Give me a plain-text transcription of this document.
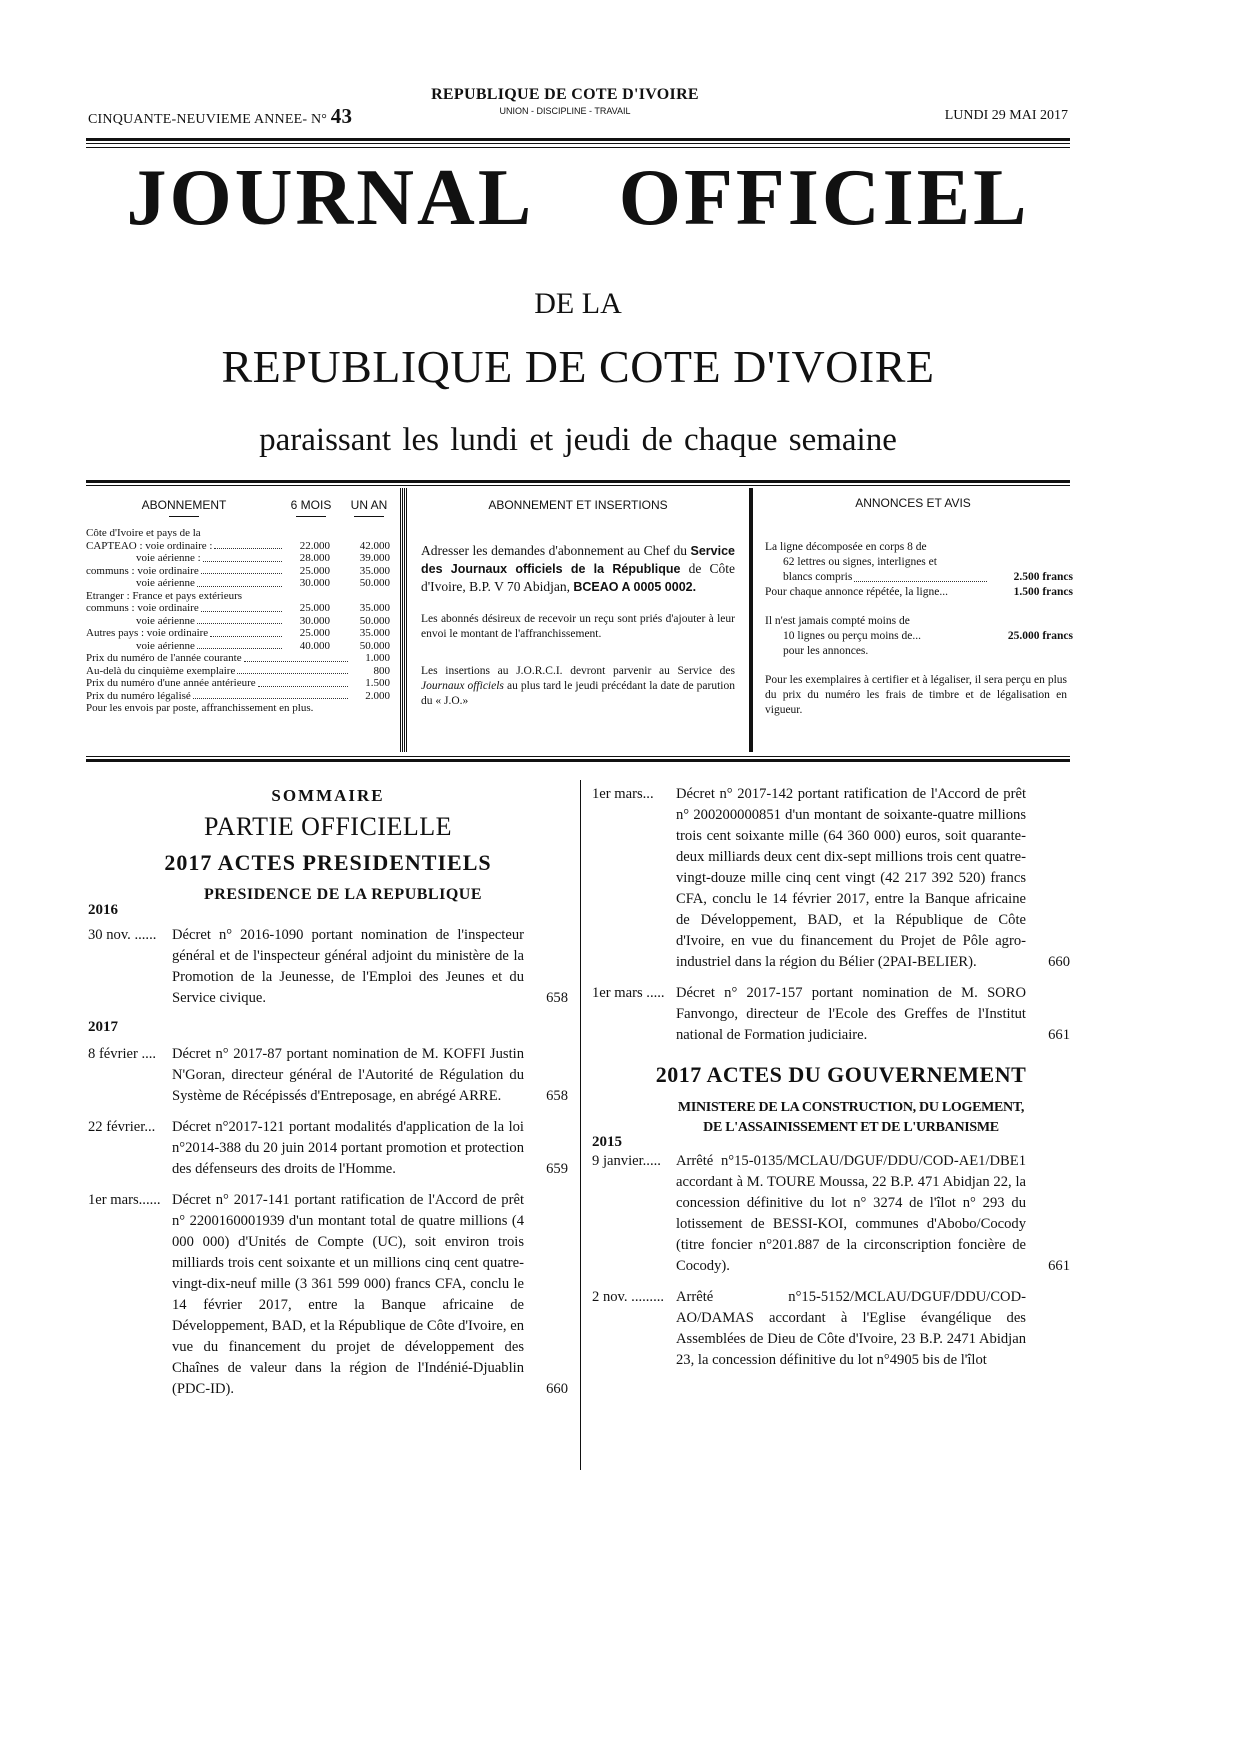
CINQUANTE-NEUVIEME ANNEE- N° 43
REPUBLIQUE DE COTE D'IVOIRE
UNION - DISCIPLINE - TRAVAIL	LUNDI 29 MAI 2017
JOURNAL OFFICIEL
DE LA
REPUBLIQUE DE COTE D'IVOIRE
paraissant les lundi et jeudi de chaque semaine
ABONNEMENT	6 MOIS	UN AN
Côte d'Ivoire et pays de la
CAPTEAO : voie ordinaire :	22.000	42.000
voie aérienne :	28.000	39.000
communs : voie ordinaire	25.000	35.000
voie aérienne	30.000	50.000
Etranger : France et pays extérieurs
communs : voie ordinaire	25.000	35.000
voie aérienne	30.000	50.000
Autres pays : voie ordinaire	25.000	35.000
voie aérienne	40.000	50.000
Prix du numéro de l'année courante	1.000
Au-delà du cinquième exemplaire	800
Prix du numéro d'une année antérieure	1.500
Prix du numéro légalisé	2.000
Pour les envois par poste, affranchissement en plus.
ABONNEMENT ET INSERTIONS
Adresser les demandes d'abonnement au Chef du Service des Journaux officiels de la République de Côte d'Ivoire, B.P. V 70 Abidjan, BCEAO A 0005 0002.
Les abonnés désireux de recevoir un reçu sont priés d'ajouter à leur envoi le montant de l'affranchissement.
Les insertions au J.O.R.C.I. devront parvenir au Service des Journaux officiels au plus tard le jeudi précédant la date de parution du « J.O.»
ANNONCES ET AVIS
La ligne décomposée en corps 8 de
62 lettres ou signes, interlignes et
blancs compris	2.500 francs
Pour chaque annonce répétée, la ligne...	1.500 francs
Il n'est jamais compté moins de
10 lignes ou perçu moins de...	25.000 francs
pour les annonces.
Pour les exemplaires à certifier et à légaliser, il sera perçu en plus du prix du numéro les frais de timbre et de légalisation en vigueur.
SOMMAIRE
PARTIE OFFICIELLE
2017 ACTES PRESIDENTIELS
PRESIDENCE DE LA REPUBLIQUE
2016
30 nov. ......	Décret n° 2016-1090 portant nomination de l'inspecteur général et de l'inspecteur général adjoint du ministère de la Promotion de la Jeunesse, de l'Emploi des Jeunes et du Service civique.	658
2017
8 février ....	Décret n° 2017-87 portant nomination de M. KOFFI Justin N'Goran, directeur général de l'Autorité de Régulation du Système de Récépissés d'Entreposage, en abrégé ARRE.	658
22 février...	Décret n°2017-121 portant modalités d'application de la loi n°2014-388 du 20 juin 2014 portant promotion et protection des défenseurs des droits de l'Homme.	659
1er mars...... Décret n° 2017-141 portant ratification de l'Accord de prêt n° 2200160001939 d'un montant total de quatre millions (4 000 000) d'Unités de Compte (UC), soit environ trois milliards trois cent soixante et un millions cinq cent quatre-vingt-dix-neuf mille (3 361 599 000) francs CFA, conclu le 14 février 2017, entre la Banque africaine de Développement, BAD, et la République de Côte d'Ivoire, en vue du financement du projet de développement des Chaînes de valeur dans la région de l'Indénié-Djuablin (PDC-ID).	660
1er mars...	Décret n° 2017-142 portant ratification de l'Accord de prêt n° 200200000851 d'un montant de soixante-quatre millions trois cent soixante mille (64 360 000) euros, soit quarante-deux milliards deux cent dix-sept millions trois cent quatre-vingt-douze mille cinq cent vingt (42 217 392 520) francs CFA, conclu le 14 février 2017, entre la Banque africaine de Développement, BAD, et la République de Côte d'Ivoire, en vue du financement du Projet de Pôle agro-industriel dans la région du Bélier (2PAI-BELIER).	660
1er mars ..... Décret n° 2017-157 portant nomination de M. SORO Fanvongo, directeur de l'Ecole des Greffes de l'Institut national de Formation judiciaire.	661
2017 ACTES DU GOUVERNEMENT
MINISTERE DE LA CONSTRUCTION, DU LOGEMENT,
DE L'ASSAINISSEMENT ET DE L'URBANISME
2015
9 janvier.....	Arrêté n°15-0135/MCLAU/DGUF/DDU/COD-AE1/DBE1 accordant à M. TOURE Moussa, 22 B.P. 471 Abidjan 22, la concession définitive du lot n° 3274 de l'îlot n° 293 du lotissement de BESSI-KOI, communes d'Abobo/Cocody (titre foncier n°201.887 de la circonscription foncière de Cocody).	661
2 nov. ......... Arrêté n°15-5152/MCLAU/DGUF/DDU/COD-AO/DAMAS accordant à l'Eglise évangélique des Assemblées de Dieu de Côte d'Ivoire, 23 B.P. 2471 Abidjan 23, la concession définitive du lot n°4905 bis de l'îlot
